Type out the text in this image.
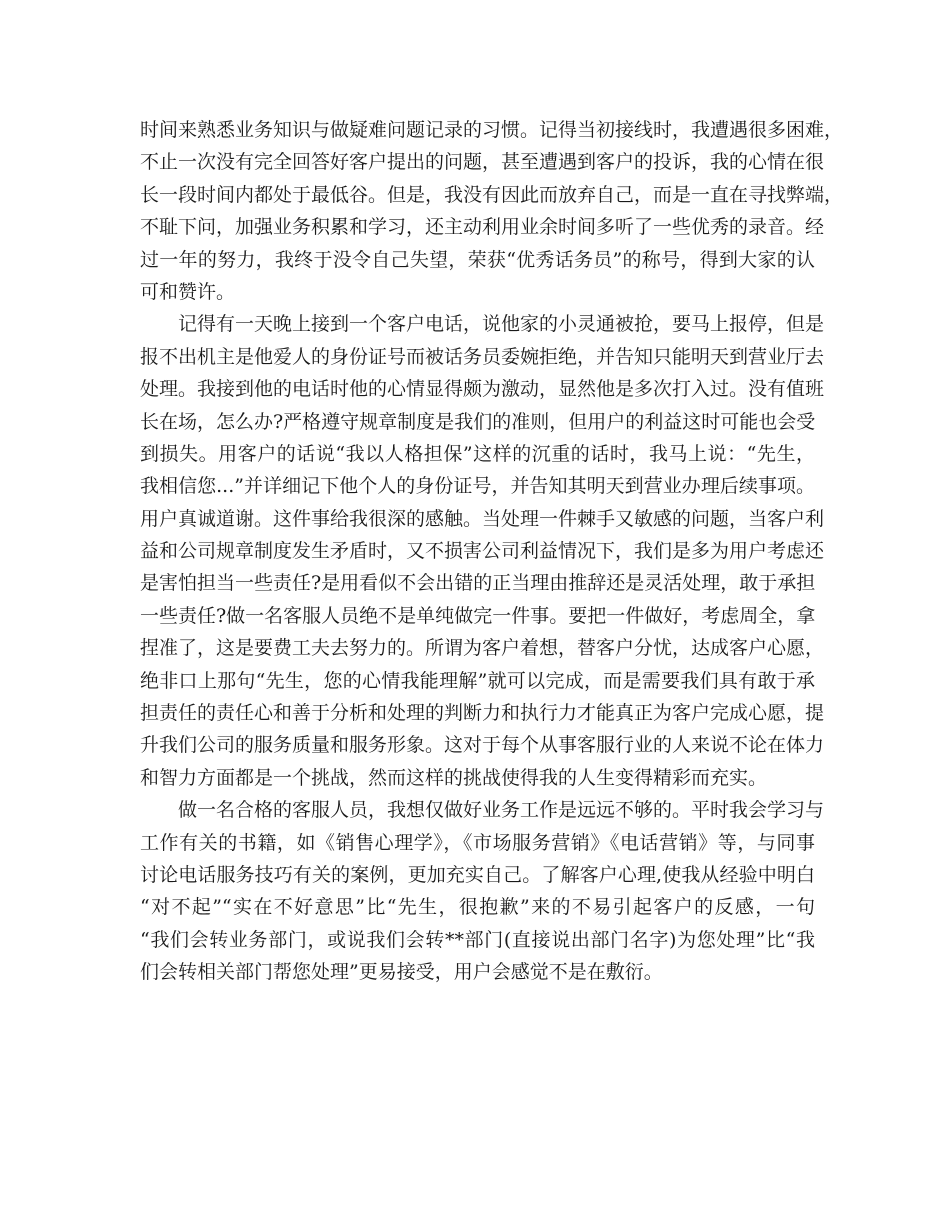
时间来熟悉业务知识与做疑难问题记录的习惯。记得当初接线时，我遭遇很多困难，
不止一次没有完全回答好客户提出的问题，甚至遭遇到客户的投诉，我的心情在很
长一段时间内都处于最低谷。但是，我没有因此而放弃自己，而是一直在寻找弊端，
不耻下问，加强业务积累和学习，还主动利用业余时间多听了一些优秀的录音。经
过一年的努力，我终于没令自己失望，荣获“优秀话务员”的称号，得到大家的认
可和赞许。
记得有一天晚上接到一个客户电话，说他家的小灵通被抢，要马上报停，但是
报不出机主是他爱人的身份证号而被话务员委婉拒绝，并告知只能明天到营业厅去
处理。我接到他的电话时他的心情显得颇为激动，显然他是多次打入过。没有值班
长在场，怎么办?严格遵守规章制度是我们的准则，但用户的利益这时可能也会受
到损失。用客户的话说“我以人格担保”这样的沉重的话时，我马上说：“先生，
我相信您...”并详细记下他个人的身份证号，并告知其明天到营业办理后续事项。
用户真诚道谢。这件事给我很深的感触。当处理一件棘手又敏感的问题，当客户利
益和公司规章制度发生矛盾时，又不损害公司利益情况下，我们是多为用户考虑还
是害怕担当一些责任?是用看似不会出错的正当理由推辞还是灵活处理，敢于承担
一些责任?做一名客服人员绝不是单纯做完一件事。要把一件做好，考虑周全，拿
捏准了，这是要费工夫去努力的。所谓为客户着想，替客户分忧，达成客户心愿，
绝非口上那句“先生，您的心情我能理解”就可以完成，而是需要我们具有敢于承
担责任的责任心和善于分析和处理的判断力和执行力才能真正为客户完成心愿，提
升我们公司的服务质量和服务形象。这对于每个从事客服行业的人来说不论在体力
和智力方面都是一个挑战，然而这样的挑战使得我的人生变得精彩而充实。
做一名合格的客服人员，我想仅做好业务工作是远远不够的。平时我会学习与
工作有关的书籍，如《销售心理学》，《市场服务营销》《电话营销》等，与同事
讨论电话服务技巧有关的案例，更加充实自己。了解客户心理,使我从经验中明白
“对不起”“实在不好意思”比“先生，很抱歉”来的不易引起客户的反感，一句
“我们会转业务部门，或说我们会转**部门(直接说出部门名字)为您处理”比“我
们会转相关部门帮您处理”更易接受，用户会感觉不是在敷衍。
